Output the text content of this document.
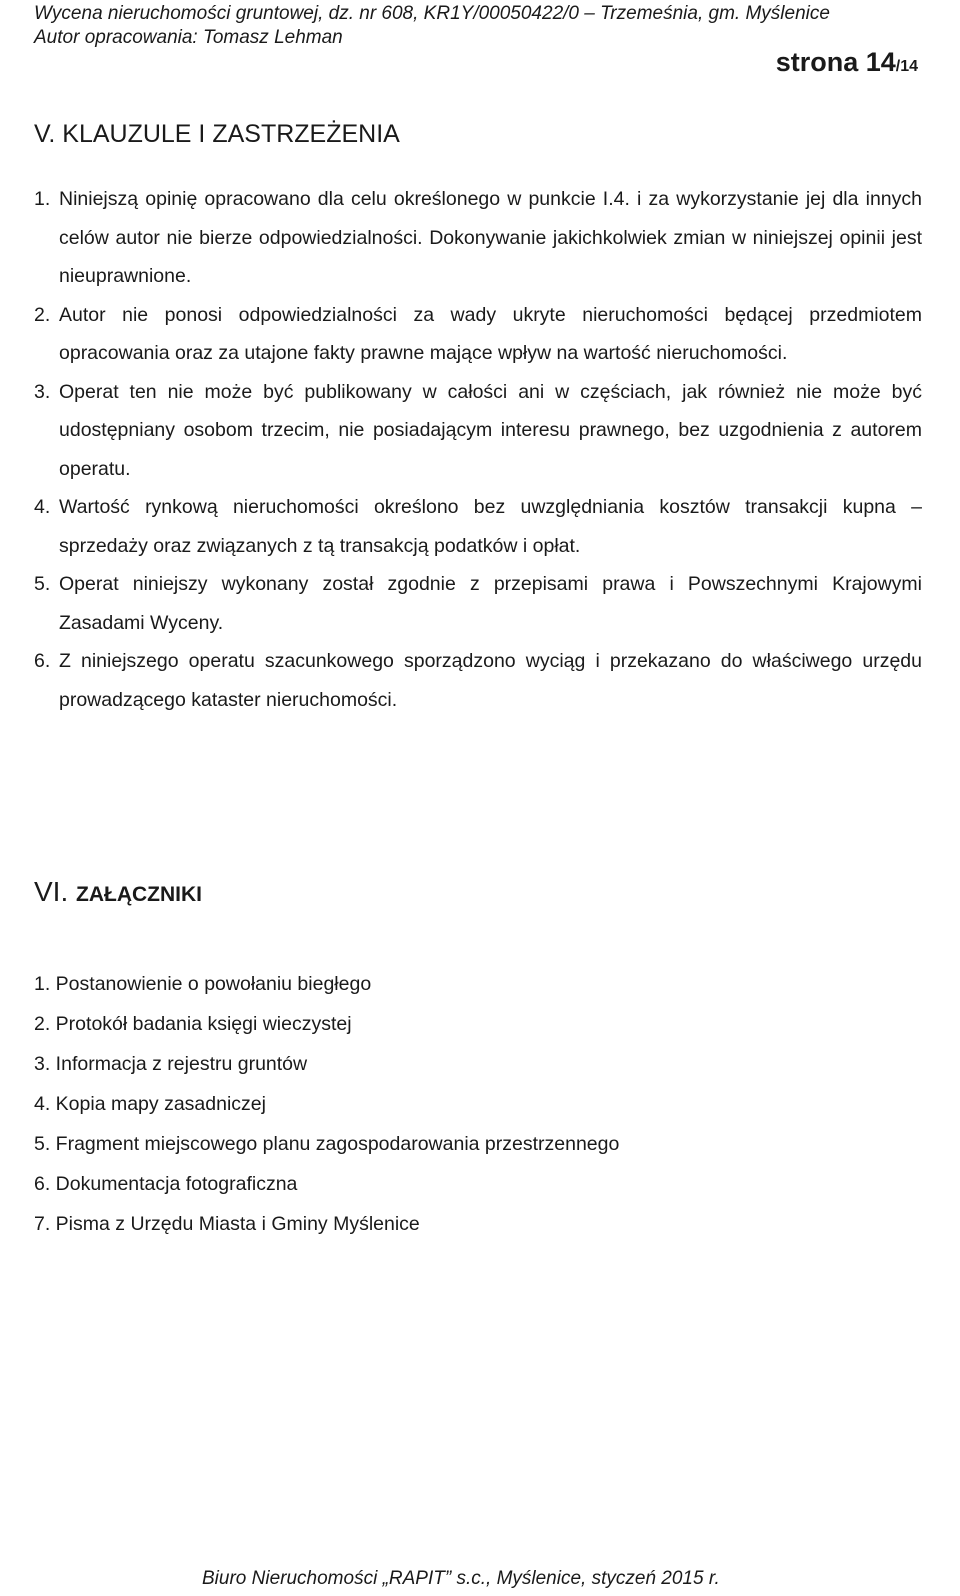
Wycena nieruchomości gruntowej, dz. nr 608, KR1Y/00050422/0 – Trzemeśnia, gm. Myślenice
Autor opracowania: Tomasz Lehman
strona 14/14
V. KLAUZULE I ZASTRZEŻENIA
1. Niniejszą opinię opracowano dla celu określonego w punkcie I.4. i za wykorzystanie jej dla innych celów autor nie bierze odpowiedzialności. Dokonywanie jakichkolwiek zmian w niniejszej opinii jest nieuprawnione.
2. Autor nie ponosi odpowiedzialności za wady ukryte nieruchomości będącej przedmiotem opracowania oraz za utajone fakty prawne mające wpływ na wartość nieruchomości.
3. Operat ten nie może być publikowany w całości ani w częściach, jak również nie może być udostępniany osobom trzecim, nie posiadającym interesu prawnego, bez uzgodnienia z autorem operatu.
4. Wartość rynkową nieruchomości określono bez uwzględniania kosztów transakcji kupna – sprzedaży oraz związanych z tą transakcją podatków i opłat.
5. Operat niniejszy wykonany został zgodnie z przepisami prawa i Powszechnymi Krajowymi Zasadami Wyceny.
6. Z niniejszego operatu szacunkowego sporządzono wyciąg i przekazano do właściwego urzędu prowadzącego kataster nieruchomości.
VI. ZAŁĄCZNIKI
1. Postanowienie o powołaniu biegłego
2. Protokół badania księgi wieczystej
3. Informacja z rejestru gruntów
4. Kopia mapy zasadniczej
5. Fragment miejscowego planu zagospodarowania przestrzennego
6. Dokumentacja fotograficzna
7. Pisma z Urzędu Miasta i Gminy Myślenice
Biuro Nieruchomości „RAPIT” s.c., Myślenice, styczeń 2015 r.
